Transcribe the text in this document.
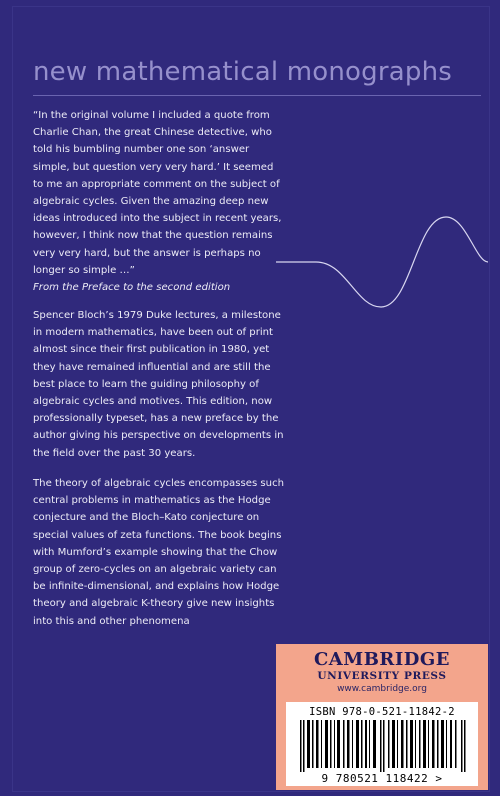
new mathematical monographs
“In the original volume I included a quote from Charlie Chan, the great Chinese detective, who told his bumbling number one son ‘answer simple, but question very very hard.’ It seemed to me an appropriate comment on the subject of algebraic cycles. Given the amazing deep new ideas introduced into the subject in recent years, however, I think now that the question remains very very hard, but the answer is perhaps no longer so simple …”
From the Preface to the second edition
Spencer Bloch’s 1979 Duke lectures, a milestone in modern mathematics, have been out of print almost since their first publication in 1980, yet they have remained influential and are still the best place to learn the guiding philosophy of algebraic cycles and motives. This edition, now professionally typeset, has a new preface by the author giving his perspective on developments in the field over the past 30 years.
The theory of algebraic cycles encompasses such central problems in mathematics as the Hodge conjecture and the Bloch–Kato conjecture on special values of zeta functions. The book begins with Mumford’s example showing that the Chow group of zero-cycles on an algebraic variety can be infinite-dimensional, and explains how Hodge theory and algebraic K-theory give new insights into this and other phenomena
CAMBRIDGE
UNIVERSITY PRESS
www.cambridge.org
ISBN 978-0-521-11842-2
9 780521 118422 >
